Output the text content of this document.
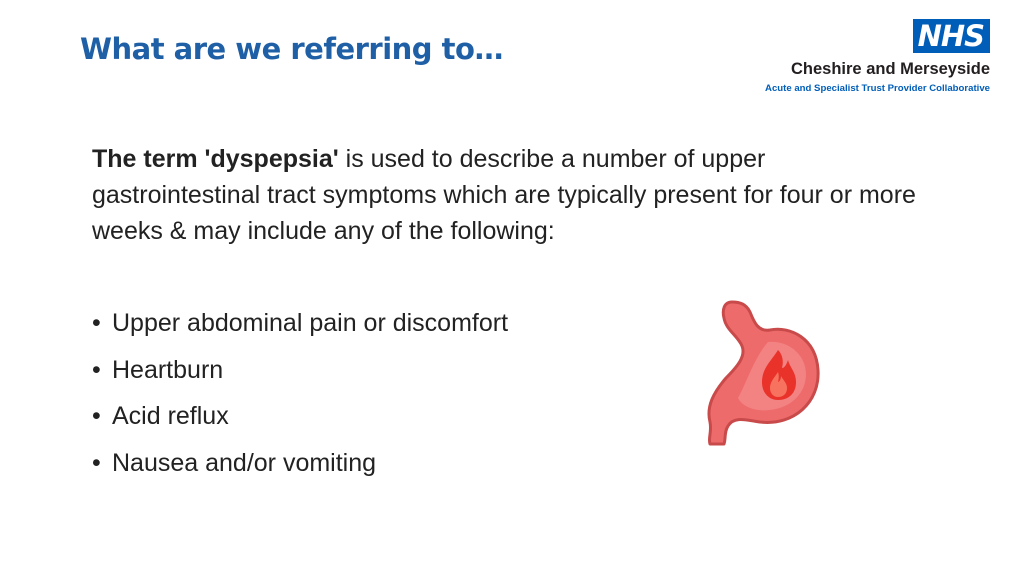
What are we referring to…	NHS
Cheshire and Merseyside
Acute and Specialist Trust Provider Collaborative
The term 'dyspepsia' is used to describe a number of upper gastrointestinal tract symptoms which are typically present for four or more weeks & may include any of the following:
• Upper abdominal pain or discomfort
• Heartburn
• Acid reflux
• Nausea and/or vomiting
